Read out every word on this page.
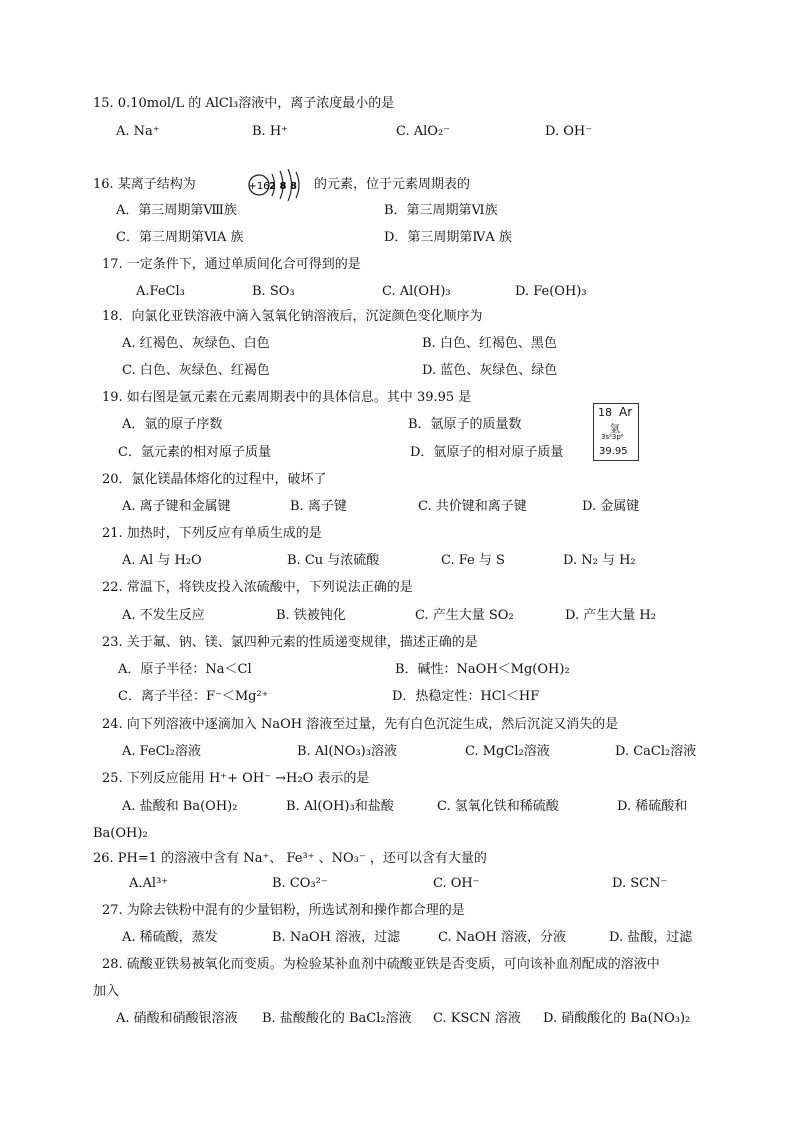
15. 0.10mol/L 的 AlCl₃溶液中，离子浓度最小的是
A. Na⁺	B. H⁺	C. AlO₂⁻	D. OH⁻
16. 某离子结构为	+16 2 8 8 的元素，位于元素周期表的
A．第三周期第Ⅷ族	B．第三周期第Ⅵ族
C．第三周期第ⅥA 族	D．第三周期第ⅣA 族
17. 一定条件下，通过单质间化合可得到的是
A.FeCl₃	B. SO₃	C. Al(OH)₃	D. Fe(OH)₃
18．向氯化亚铁溶液中滴入氢氧化钠溶液后，沉淀颜色变化顺序为
A. 红褐色、灰绿色、白色	B. 白色、红褐色、黑色
C. 白色、灰绿色、红褐色	D. 蓝色、灰绿色、绿色
19. 如右图是氩元素在元素周期表中的具体信息。其中 39.95 是
18 Ar
氩
3s²3p⁶
39.95
A．氩的原子序数	B．氩原子的质量数
C．氩元素的相对原子质量	D．氩原子的相对原子质量
20．氯化镁晶体熔化的过程中，破坏了
A. 离子键和金属键	B. 离子键	C. 共价键和离子键	D. 金属键
21. 加热时，下列反应有单质生成的是
A. Al 与 H₂O	B. Cu 与浓硫酸	C. Fe 与 S	D. N₂ 与 H₂
22. 常温下，将铁皮投入浓硫酸中，下列说法正确的是
A. 不发生反应	B. 铁被钝化	C. 产生大量 SO₂	D. 产生大量 H₂
23. 关于氟、钠、镁、氯四种元素的性质递变规律，描述正确的是
A．原子半径：Na＜Cl	B．碱性：NaOH＜Mg(OH)₂
C．离子半径：F⁻＜Mg²⁺	D．热稳定性：HCl＜HF
24. 向下列溶液中逐滴加入 NaOH 溶液至过量，先有白色沉淀生成，然后沉淀又消失的是
A. FeCl₂溶液	B. Al(NO₃)₃溶液	C. MgCl₂溶液	D. CaCl₂溶液
25. 下列反应能用 H⁺+ OH⁻ →H₂O 表示的是
A. 盐酸和 Ba(OH)₂	B. Al(OH)₃和盐酸	C. 氢氧化铁和稀硫酸	D. 稀硫酸和
Ba(OH)₂
26. PH=1 的溶液中含有 Na⁺、 Fe³⁺ 、NO₃⁻ ，还可以含有大量的
A.Al³⁺	B. CO₃²⁻	C. OH⁻	D. SCN⁻
27. 为除去铁粉中混有的少量铝粉，所选试剂和操作都合理的是
A. 稀硫酸，蒸发	B. NaOH 溶液，过滤	C. NaOH 溶液，分液	D. 盐酸，过滤
28. 硫酸亚铁易被氧化而变质。为检验某补血剂中硫酸亚铁是否变质，可向该补血剂配成的溶液中
加入
A. 硝酸和硝酸银溶液 B. 盐酸酸化的 BaCl₂溶液 C. KSCN 溶液 D. 硝酸酸化的 Ba(NO₃)₂
